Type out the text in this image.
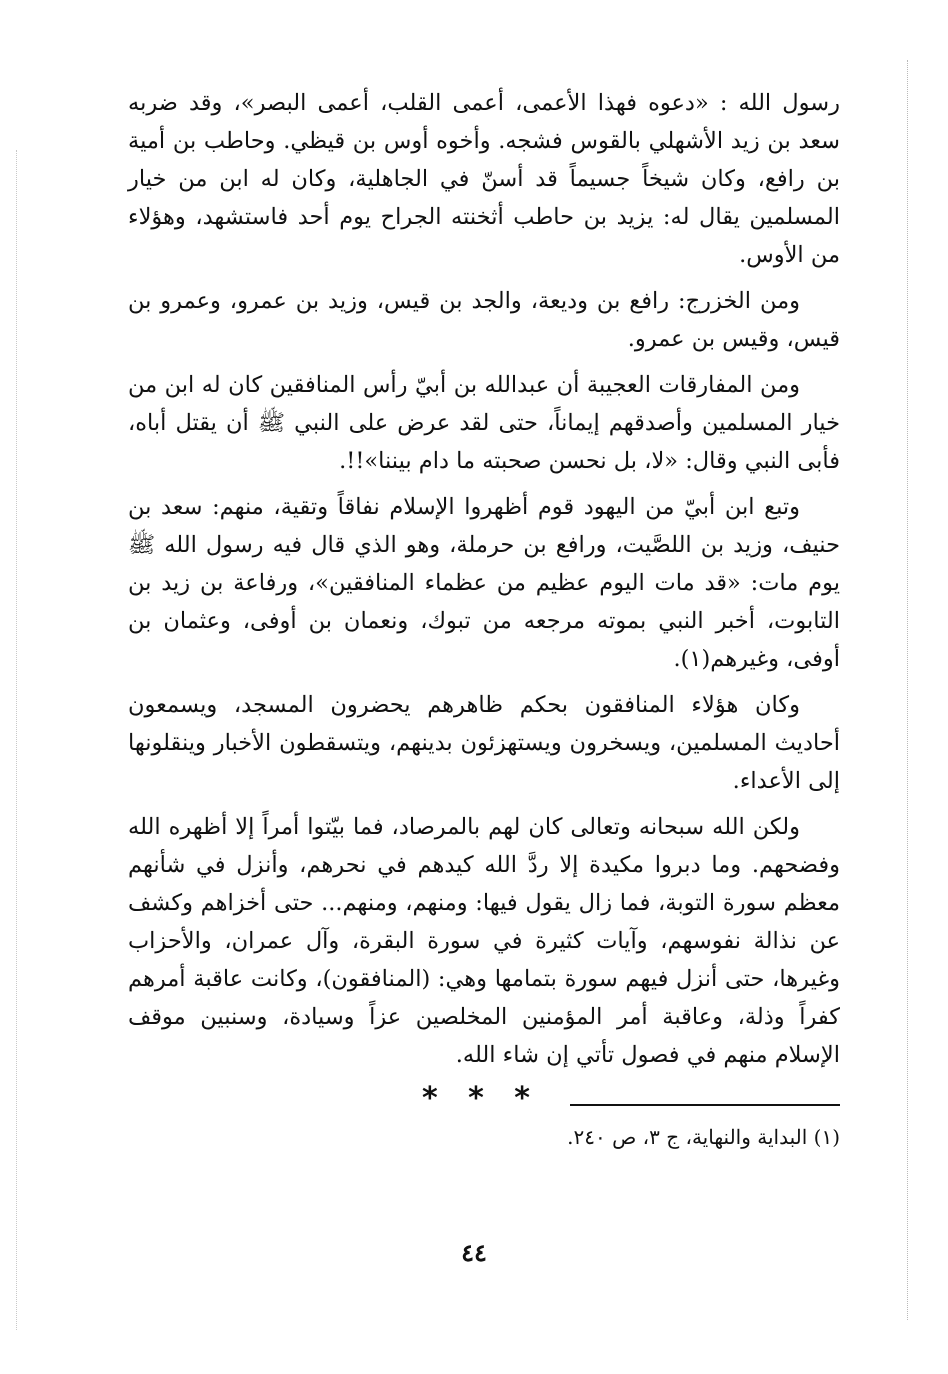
رسول الله : «دعوه فهذا الأعمى، أعمى القلب، أعمى البصر»، وقد ضربه سعد بن زيد الأشهلي بالقوس فشجه. وأخوه أوس بن قيظي. وحاطب بن أمية بن رافع، وكان شيخاً جسيماً قد أسنّ في الجاهلية، وكان له ابن من خيار المسلمين يقال له: يزيد بن حاطب أثخنته الجراح يوم أحد فاستشهد، وهؤلاء من الأوس.

ومن الخزرج: رافع بن وديعة، والجد بن قيس، وزيد بن عمرو، وعمرو بن قيس، وقيس بن عمرو.

ومن المفارقات العجيبة أن عبدالله بن أبيّ رأس المنافقين كان له ابن من خيار المسلمين وأصدقهم إيماناً، حتى لقد عرض على النبي ﷺ أن يقتل أباه، فأبى النبي وقال: «لا، بل نحسن صحبته ما دام بيننا»!!.

وتبع ابن أبيّ من اليهود قوم أظهروا الإسلام نفاقاً وتقية، منهم: سعد بن حنيف، وزيد بن اللصَّيت، ورافع بن حرملة، وهو الذي قال فيه رسول الله ﷺ يوم مات: «قد مات اليوم عظيم من عظماء المنافقين»، ورفاعة بن زيد بن التابوت، أخبر النبي بموته مرجعه من تبوك، ونعمان بن أوفى، وعثمان بن أوفى، وغيرهم(١).

وكان هؤلاء المنافقون بحكم ظاهرهم يحضرون المسجد، ويسمعون أحاديث المسلمين، ويسخرون ويستهزئون بدينهم، ويتسقطون الأخبار وينقلونها إلى الأعداء.

ولكن الله سبحانه وتعالى كان لهم بالمرصاد، فما بيّتوا أمراً إلا أظهره الله وفضحهم. وما دبروا مكيدة إلا ردَّ الله كيدهم في نحرهم، وأنزل في شأنهم معظم سورة التوبة، فما زال يقول فيها: ومنهم، ومنهم... حتى أخزاهم وكشف عن نذالة نفوسهم، وآيات كثيرة في سورة البقرة، وآل عمران، والأحزاب وغيرها، حتى أنزل فيهم سورة بتمامها وهي: (المنافقون)، وكانت عاقبة أمرهم كفراً وذلة، وعاقبة أمر المؤمنين المخلصين عزاً وسيادة، وسنبين موقف الإسلام منهم في فصول تأتي إن شاء الله.

* * *

(١) البداية والنهاية، ج ٣، ص ٢٤٠.

٤٤
